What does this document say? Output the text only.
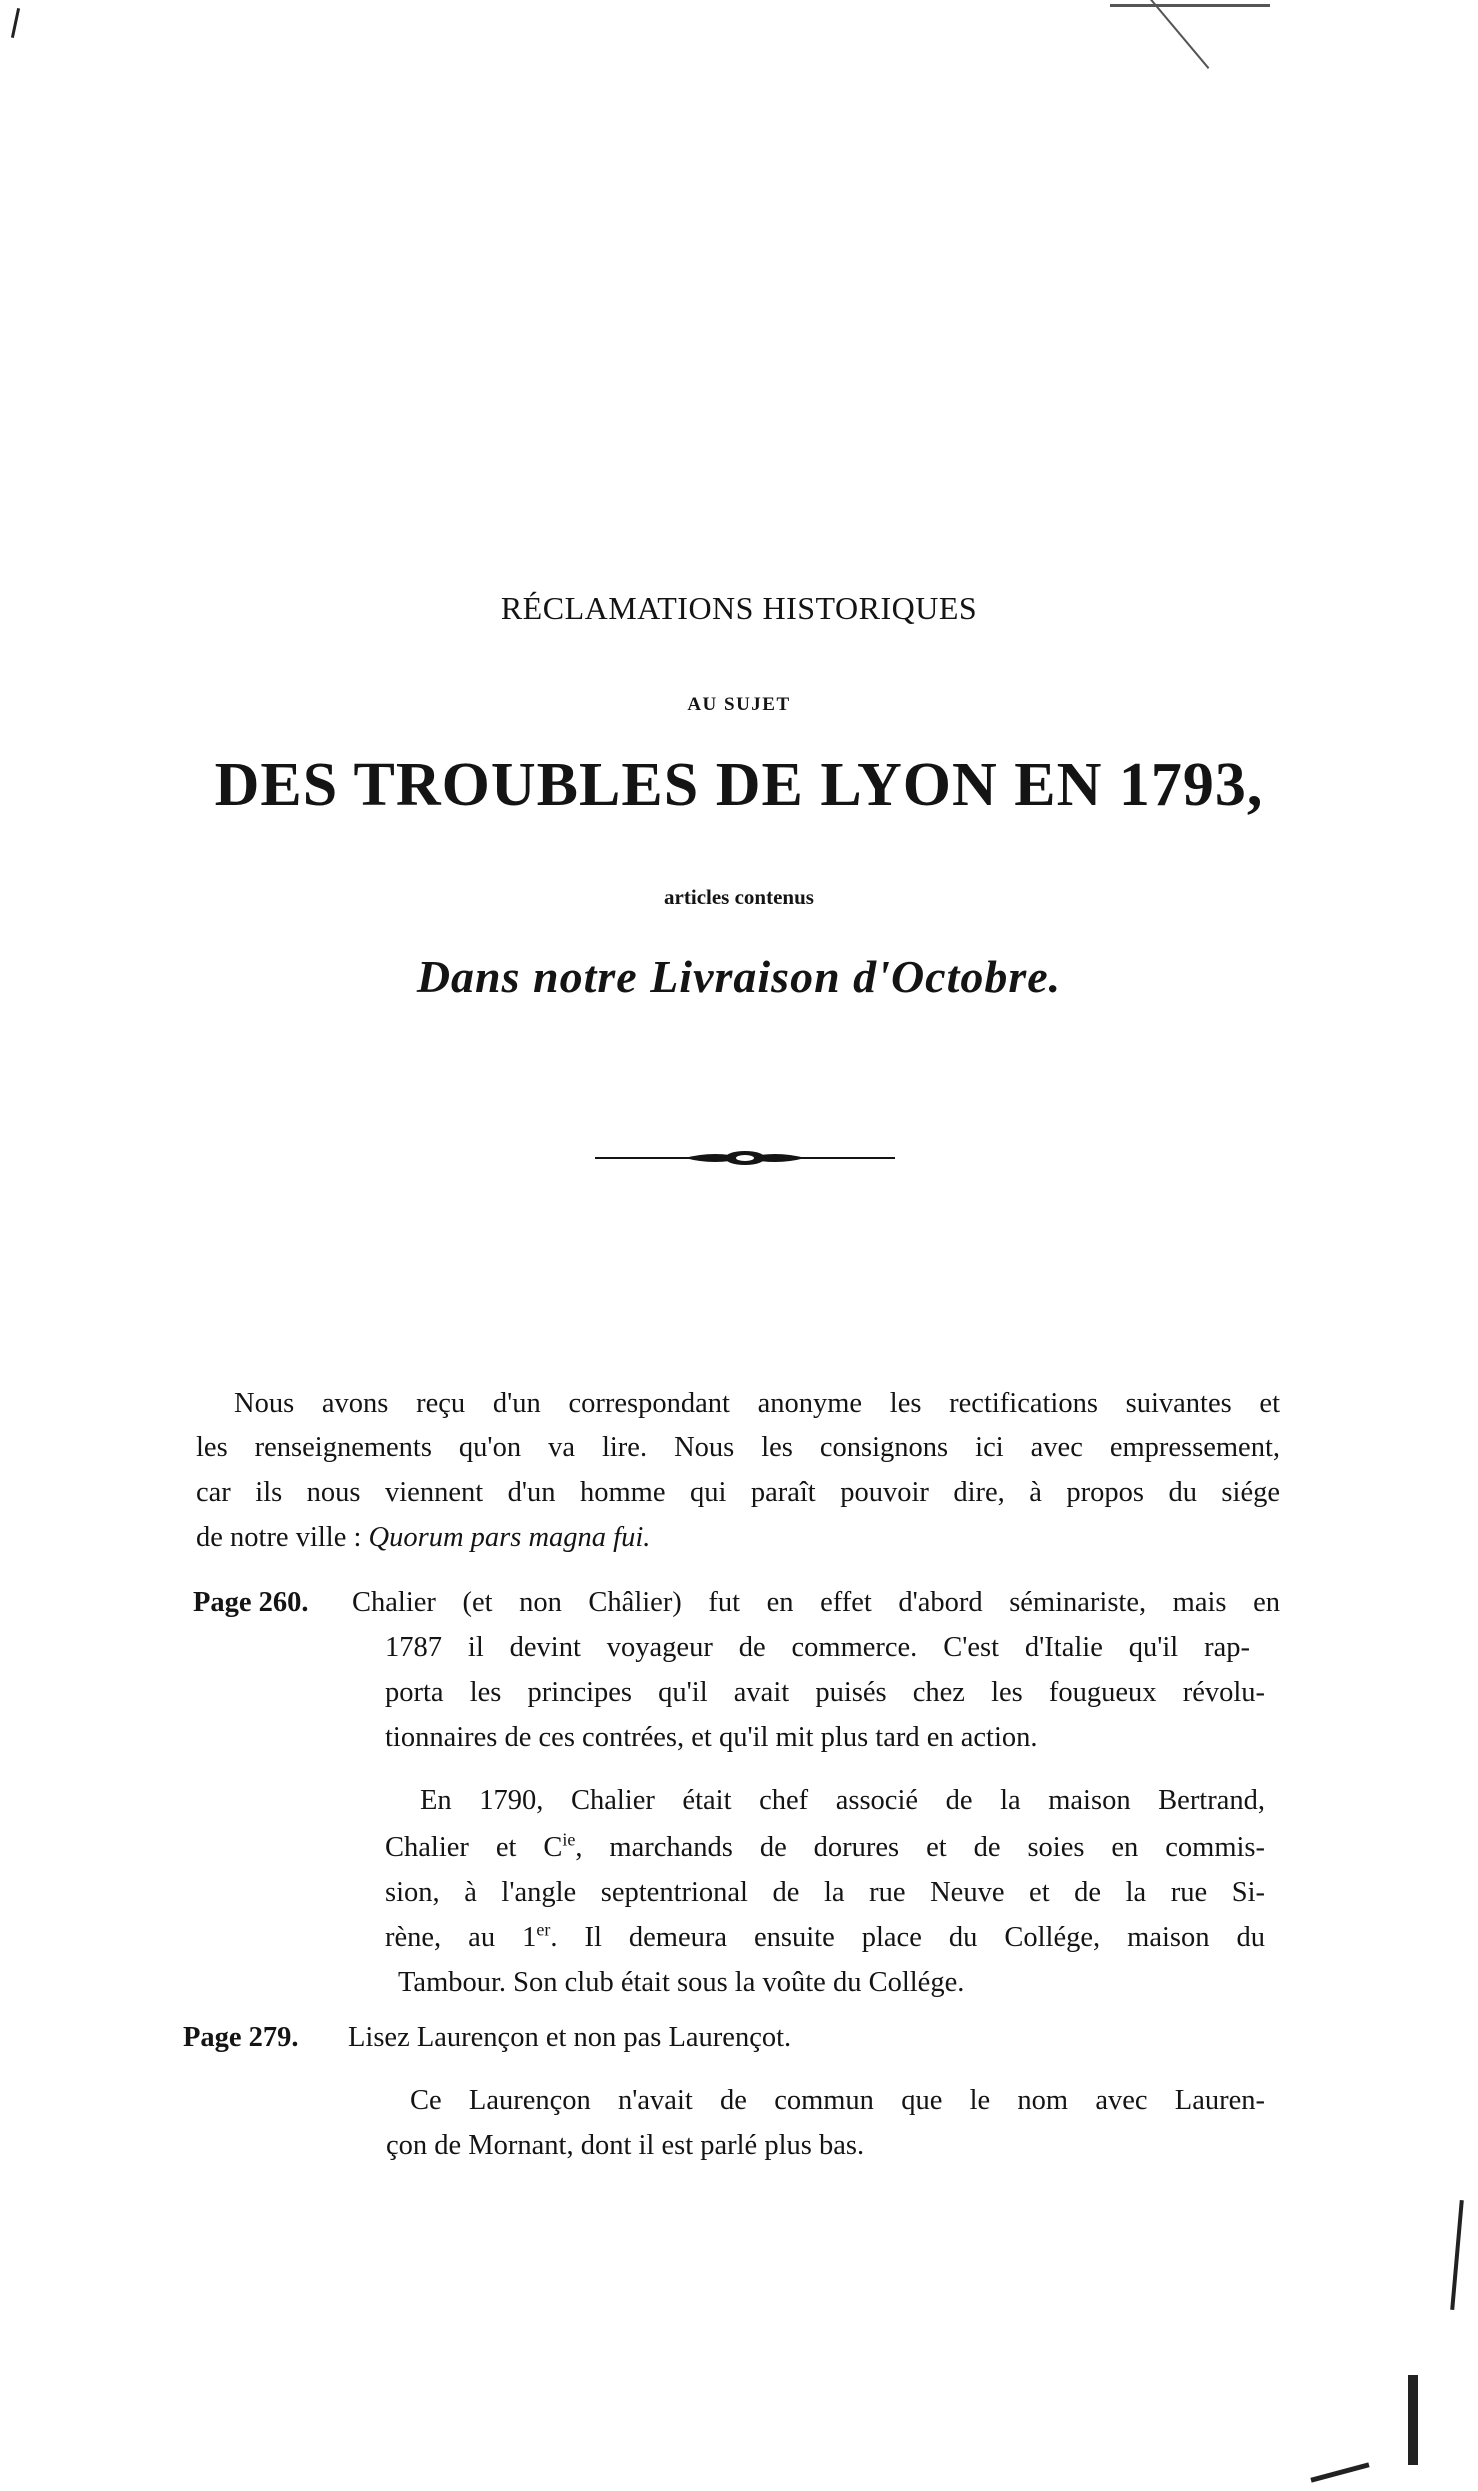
RÉCLAMATIONS HISTORIQUES
AU SUJET
DES TROUBLES DE LYON EN 1793,
articles contenus
Dans notre Livraison d'Octobre.
Nous avons reçu d'un correspondant anonyme les rectifications suivantes et
les renseignements qu'on va lire. Nous les consignons ici avec empressement,
car ils nous viennent d'un homme qui paraît pouvoir dire, à propos du siége
de notre ville : Quorum pars magna fui.
Page 260. Chalier (et non Châlier) fut en effet d'abord séminariste, mais en
1787 il devint voyageur de commerce. C'est d'Italie qu'il rap-
porta les principes qu'il avait puisés chez les fougueux révolu-
tionnaires de ces contrées, et qu'il mit plus tard en action.
En 1790, Chalier était chef associé de la maison Bertrand,
Chalier et $C^{ie}$, marchands de dorures et de soies en commis-
sion, à l'angle septentrional de la rue Neuve et de la rue Si-
rène, au 1er. Il demeura ensuite place du Collége, maison du
Tambour. Son club était sous la voûte du Collége.
Page 279. Lisez Laurençon et non pas Laurençot.
Ce Laurençon n'avait de commun que le nom avec Lauren-
çon de Mornant, dont il est parlé plus bas.
